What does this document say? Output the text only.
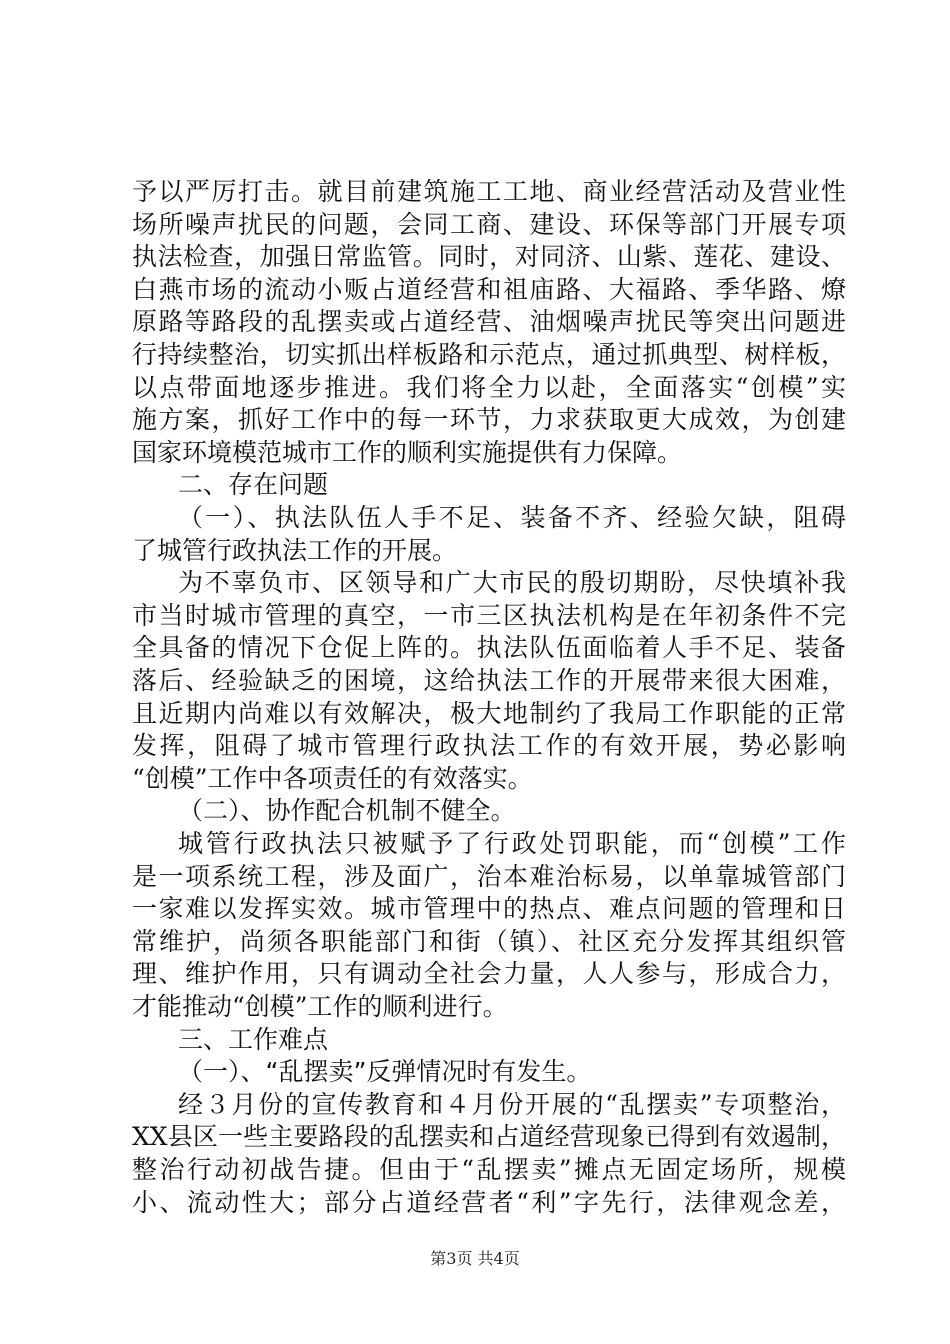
予以严厉打击。就目前建筑施工工地、商业经营活动及营业性
场所噪声扰民的问题，会同工商、建设、环保等部门开展专项
执法检查，加强日常监管。同时，对同济、山紫、莲花、建设、
白燕市场的流动小贩占道经营和祖庙路、大福路、季华路、燎
原路等路段的乱摆卖或占道经营、油烟噪声扰民等突出问题进
行持续整治，切实抓出样板路和示范点，通过抓典型、树样板，
以点带面地逐步推进。我们将全力以赴，全面落实“创模”实
施方案，抓好工作中的每一环节，力求获取更大成效，为创建
国家环境模范城市工作的顺利实施提供有力保障。
二、存在问题
（一）、执法队伍人手不足、装备不齐、经验欠缺，阻碍
了城管行政执法工作的开展。
为不辜负市、区领导和广大市民的殷切期盼，尽快填补我
市当时城市管理的真空，一市三区执法机构是在年初条件不完
全具备的情况下仓促上阵的。执法队伍面临着人手不足、装备
落后、经验缺乏的困境，这给执法工作的开展带来很大困难，
且近期内尚难以有效解决，极大地制约了我局工作职能的正常
发挥，阻碍了城市管理行政执法工作的有效开展，势必影响
“创模”工作中各项责任的有效落实。
（二）、协作配合机制不健全。
城管行政执法只被赋予了行政处罚职能，而“创模”工作
是一项系统工程，涉及面广，治本难治标易，以单靠城管部门
一家难以发挥实效。城市管理中的热点、难点问题的管理和日
常维护，尚须各职能部门和街（镇）、社区充分发挥其组织管
理、维护作用，只有调动全社会力量，人人参与，形成合力，
才能推动“创模”工作的顺利进行。
三、工作难点
（一）、“乱摆卖”反弹情况时有发生。
经３月份的宣传教育和４月份开展的“乱摆卖”专项整治，
XX县区一些主要路段的乱摆卖和占道经营现象已得到有效遏制，
整治行动初战告捷。但由于“乱摆卖”摊点无固定场所，规模
小、流动性大；部分占道经营者“利”字先行，法律观念差，
第3页 共4页
